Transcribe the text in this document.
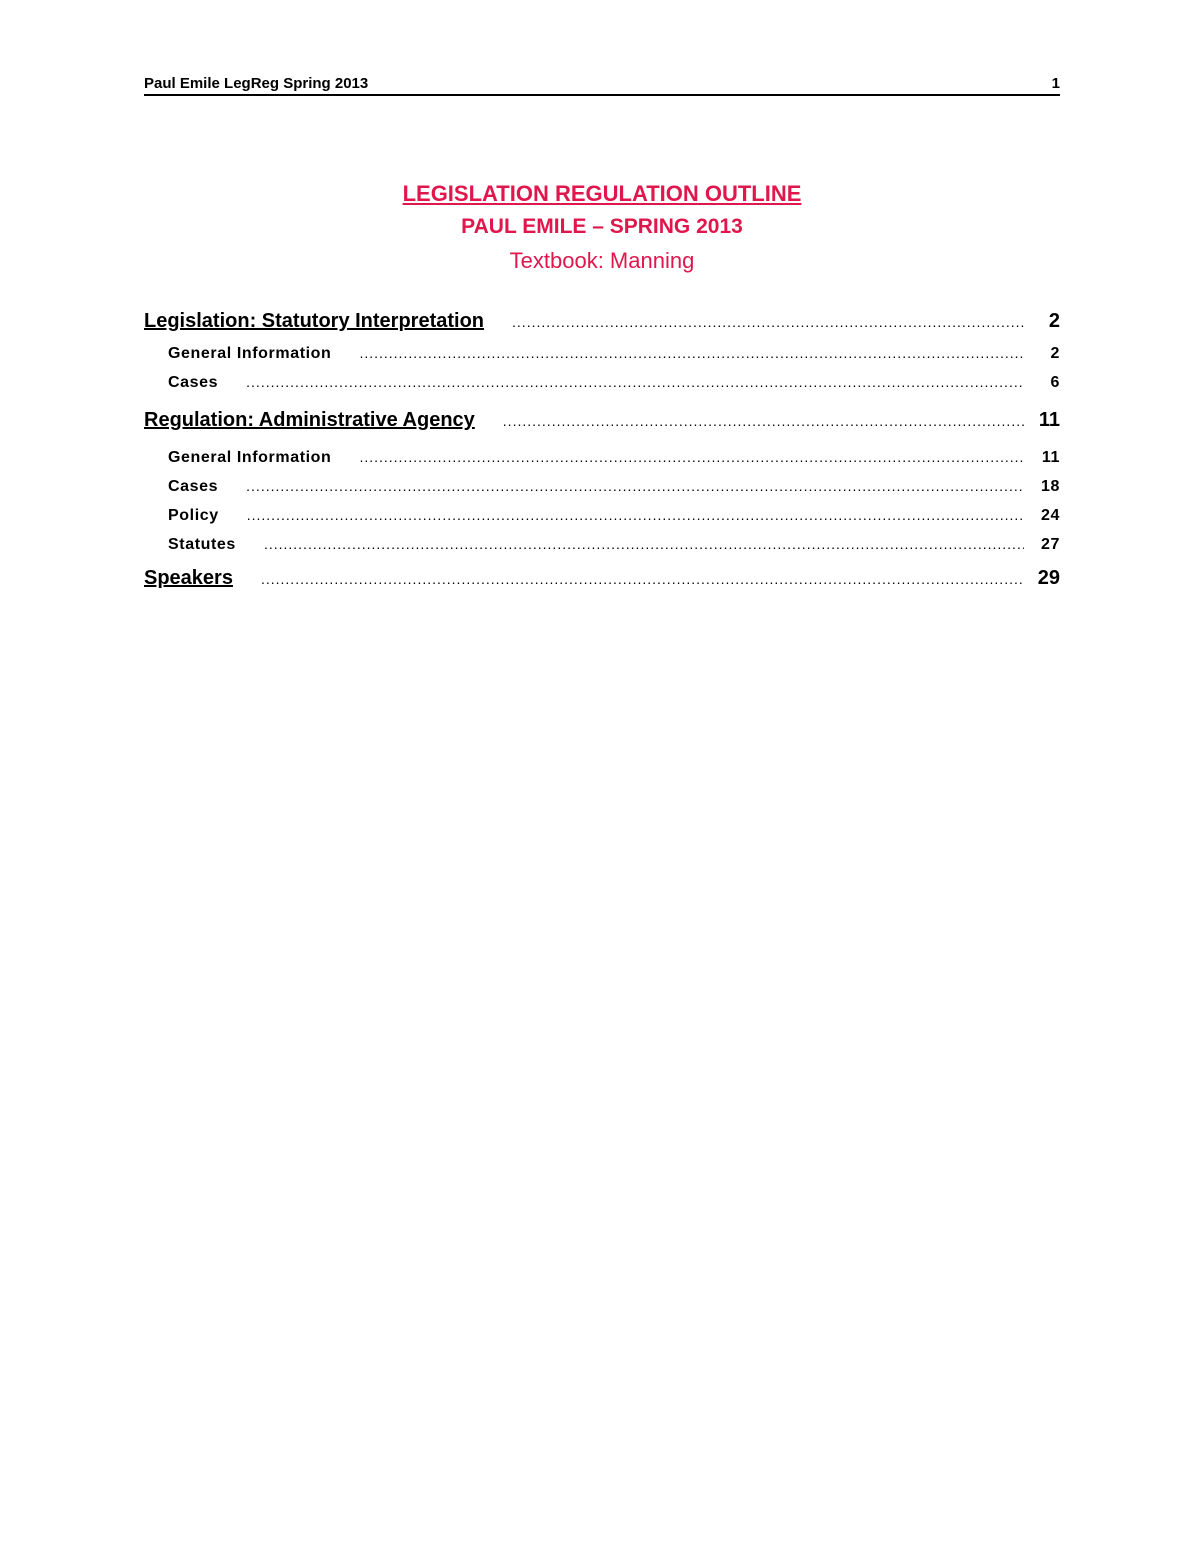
Paul Emile LegReg Spring 2013	1
LEGISLATION REGULATION OUTLINE
PAUL EMILE – SPRING 2013
Textbook: Manning
Legislation: Statutory Interpretation .....	2
General Information .....	2
Cases .....	6
Regulation: Administrative Agency .....	11
General Information .....	11
Cases .....	18
Policy .....	24
Statutes .....	27
Speakers .....	29
